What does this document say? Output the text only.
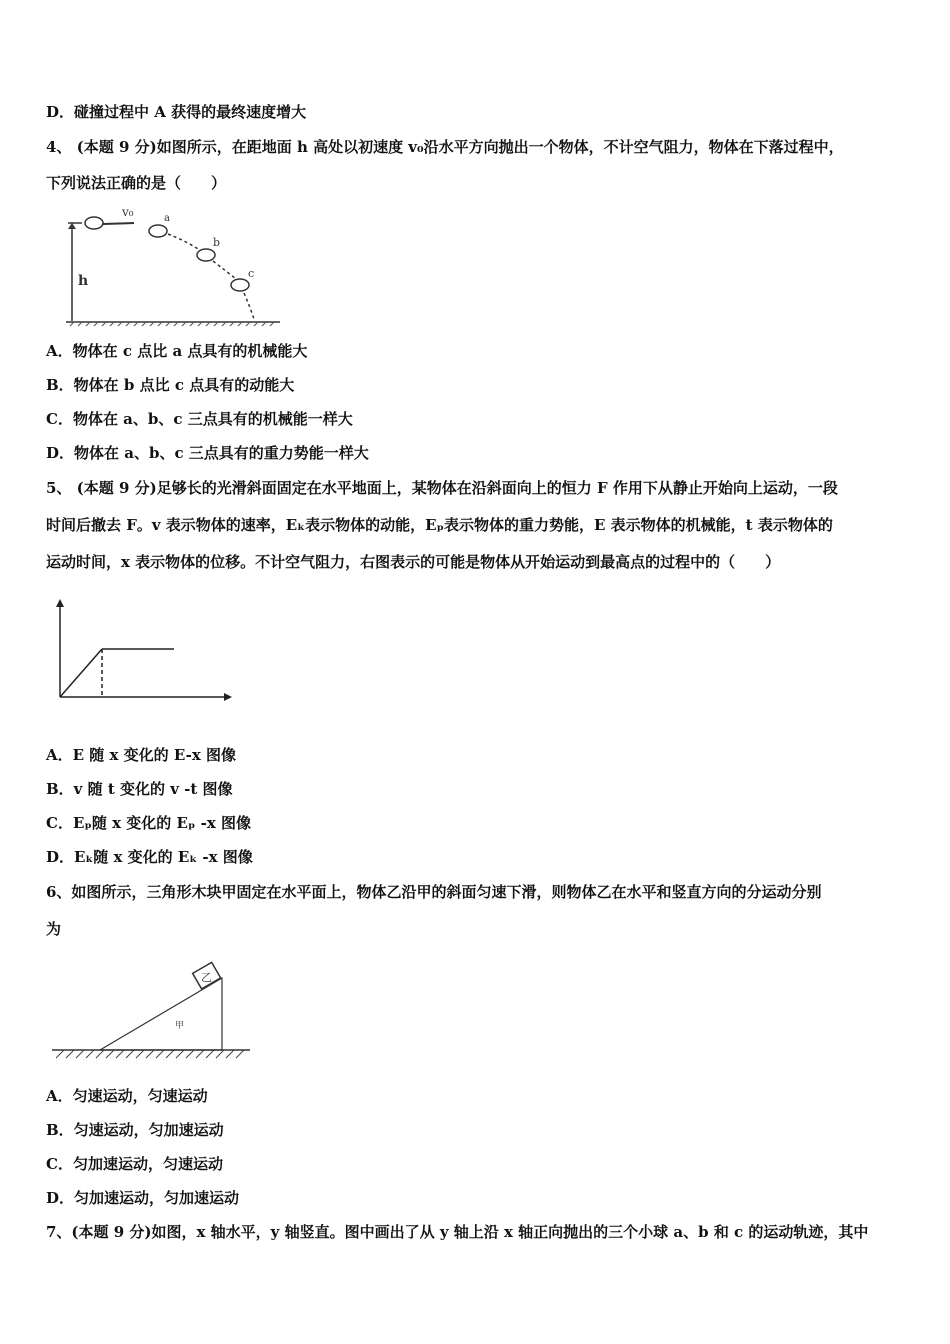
D．碰撞过程中 A 获得的最终速度增大
4、 (本题 9 分)如图所示，在距地面 h 高处以初速度 v₀沿水平方向抛出一个物体，不计空气阻力，物体在下落过程中，
下列说法正确的是（　　）
h
v₀	a
b
c
A．物体在 c 点比 a 点具有的机械能大
B．物体在 b 点比 c 点具有的动能大
C．物体在 a、b、c 三点具有的机械能一样大
D．物体在 a、b、c 三点具有的重力势能一样大
5、 (本题 9 分)足够长的光滑斜面固定在水平地面上，某物体在沿斜面向上的恒力 F 作用下从静止开始向上运动，一段
时间后撤去 F。v 表示物体的速率，Eₖ表示物体的动能，Eₚ表示物体的重力势能，E 表示物体的机械能，t 表示物体的
运动时间，x 表示物体的位移。不计空气阻力，右图表示的可能是物体从开始运动到最高点的过程中的（　　）
A．E 随 x 变化的 E-x 图像
B．v 随 t 变化的 v -t 图像
C．Eₚ随 x 变化的 Eₚ -x 图像
D．Eₖ随 x 变化的 Eₖ -x 图像
6、如图所示，三角形木块甲固定在水平面上，物体乙沿甲的斜面匀速下滑，则物体乙在水平和竖直方向的分运动分别
为
乙
甲
A．匀速运动，匀速运动
B．匀速运动，匀加速运动
C．匀加速运动，匀速运动
D．匀加速运动，匀加速运动
7、(本题 9 分)如图，x 轴水平，y 轴竖直。图中画出了从 y 轴上沿 x 轴正向抛出的三个小球 a、b 和 c 的运动轨迹，其中
